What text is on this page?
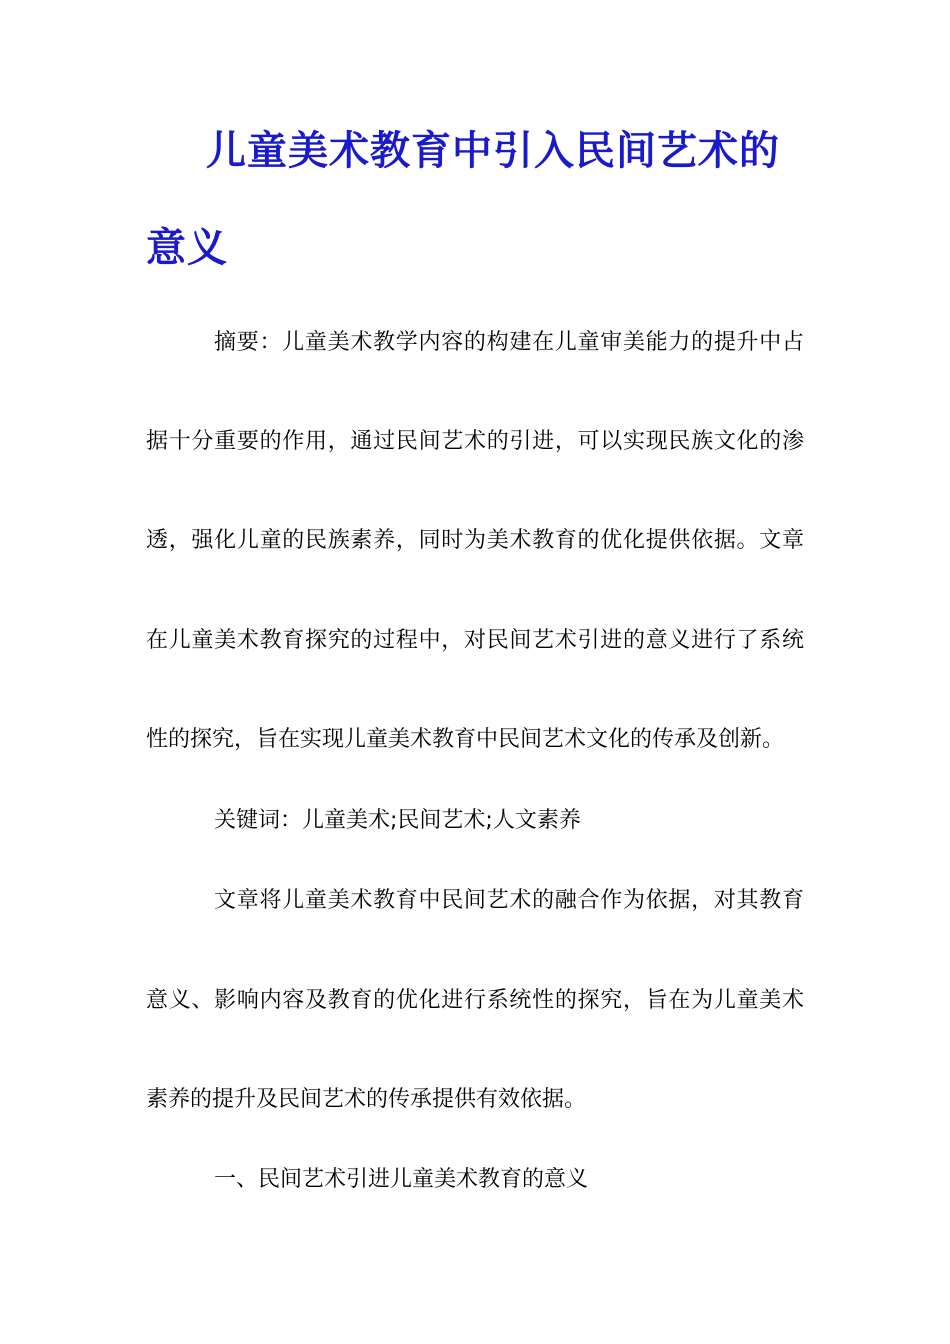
儿童美术教育中引入民间艺术的
意义
摘要：儿童美术教学内容的构建在儿童审美能力的提升中占
据十分重要的作用，通过民间艺术的引进，可以实现民族文化的渗
透，强化儿童的民族素养，同时为美术教育的优化提供依据。文章
在儿童美术教育探究的过程中，对民间艺术引进的意义进行了系统
性的探究，旨在实现儿童美术教育中民间艺术文化的传承及创新。
关键词：儿童美术;民间艺术;人文素养
文章将儿童美术教育中民间艺术的融合作为依据，对其教育
意义、影响内容及教育的优化进行系统性的探究，旨在为儿童美术
素养的提升及民间艺术的传承提供有效依据。
一、民间艺术引进儿童美术教育的意义
